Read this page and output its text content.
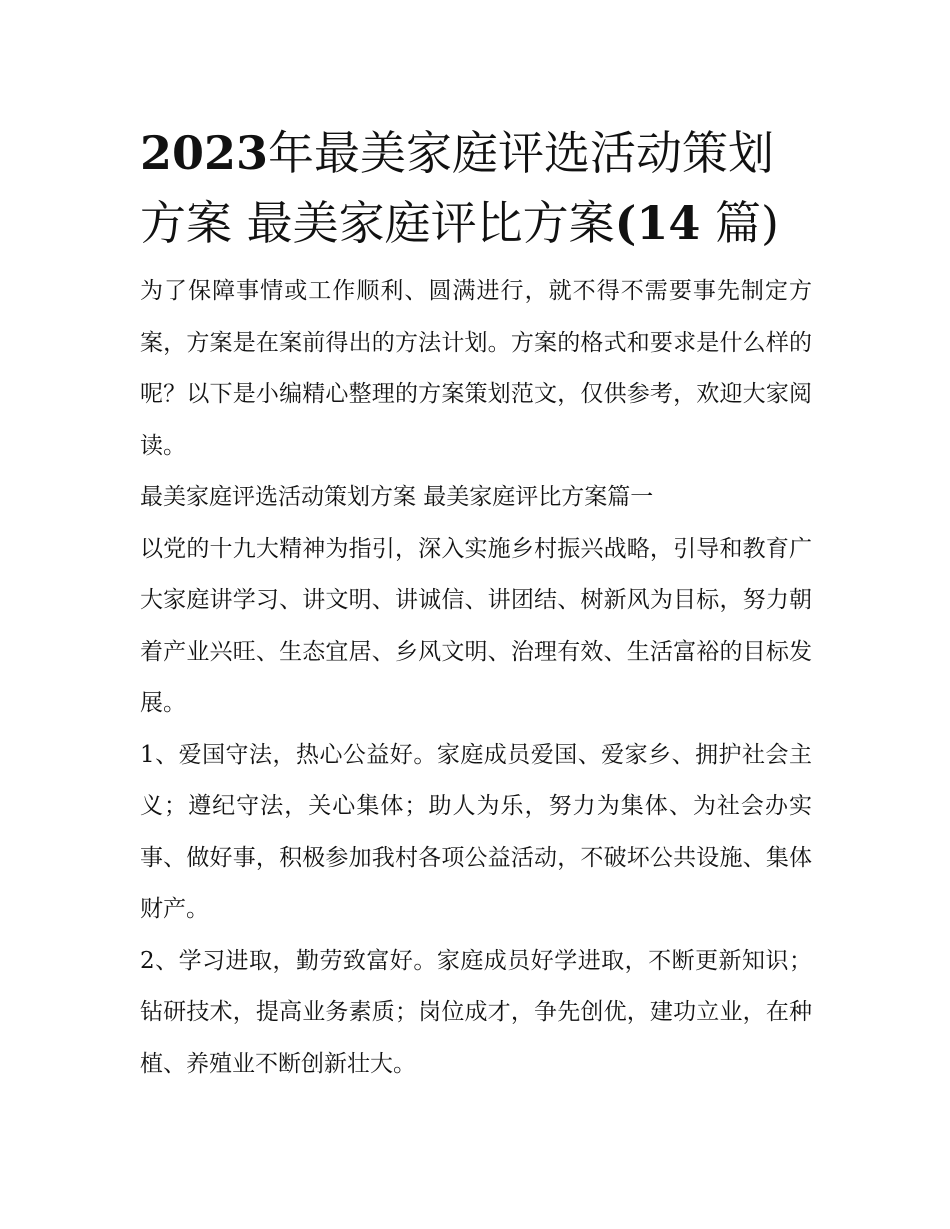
2023年最美家庭评选活动策划
方案 最美家庭评比方案(14 篇)

为了保障事情或工作顺利、圆满进行，就不得不需要事先制定方案，方案是在案前得出的方法计划。方案的格式和要求是什么样的呢？以下是小编精心整理的方案策划范文，仅供参考，欢迎大家阅读。

最美家庭评选活动策划方案 最美家庭评比方案篇一

以党的十九大精神为指引，深入实施乡村振兴战略，引导和教育广大家庭讲学习、讲文明、讲诚信、讲团结、树新风为目标，努力朝着产业兴旺、生态宜居、乡风文明、治理有效、生活富裕的目标发展。

1、爱国守法，热心公益好。家庭成员爱国、爱家乡、拥护社会主义；遵纪守法，关心集体；助人为乐，努力为集体、为社会办实事、做好事，积极参加我村各项公益活动，不破坏公共设施、集体财产。

2、学习进取，勤劳致富好。家庭成员好学进取，不断更新知识；钻研技术，提高业务素质；岗位成才，争先创优，建功立业，在种植、养殖业不断创新壮大。
